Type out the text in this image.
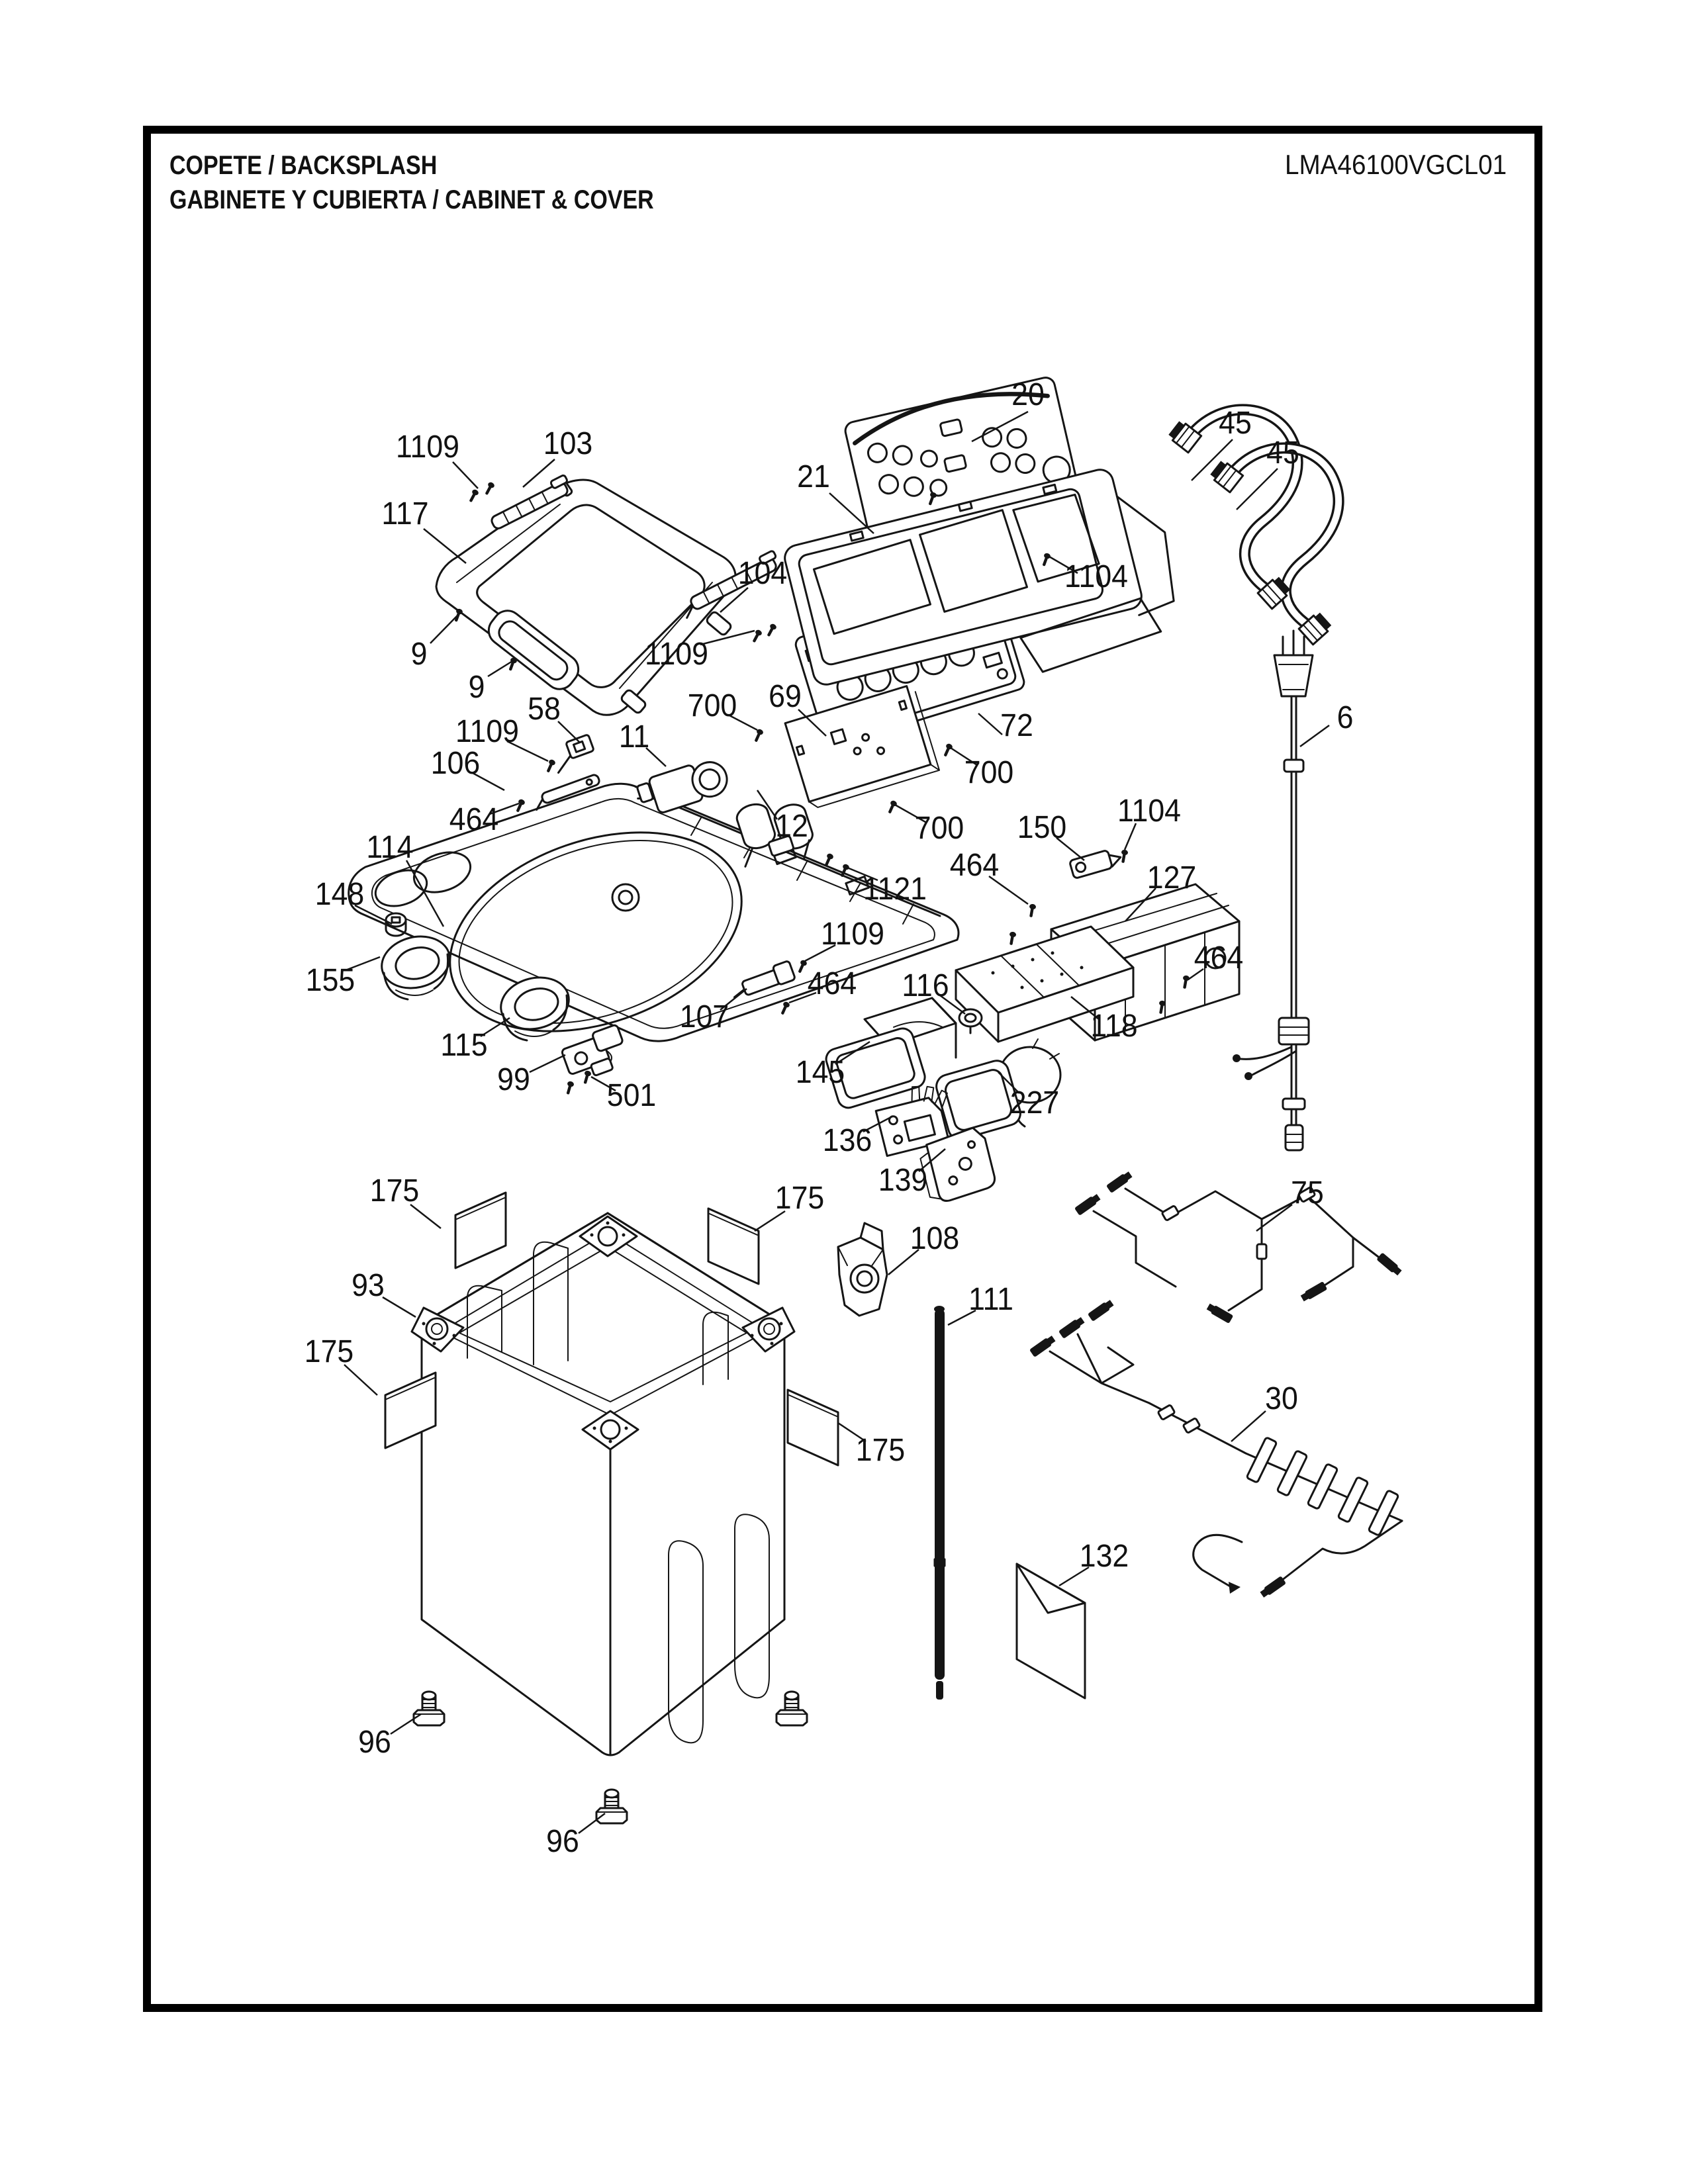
COPETE / BACKSPLASH
GABINETE Y CUBIERTA / CABINET & COVER
LMA46100VGCL01
20
45
45
1109	103
117
21
104	1104
9
9
1109
700 69
72
58
11
1109
106
464	12
700
700
6
114
1121
150 1104
464	127
148
155
1109
464
107
116
118
464
115
99 501
145
227
136
139
175	175
93
108
111
75
175
30
175
132
96
96
